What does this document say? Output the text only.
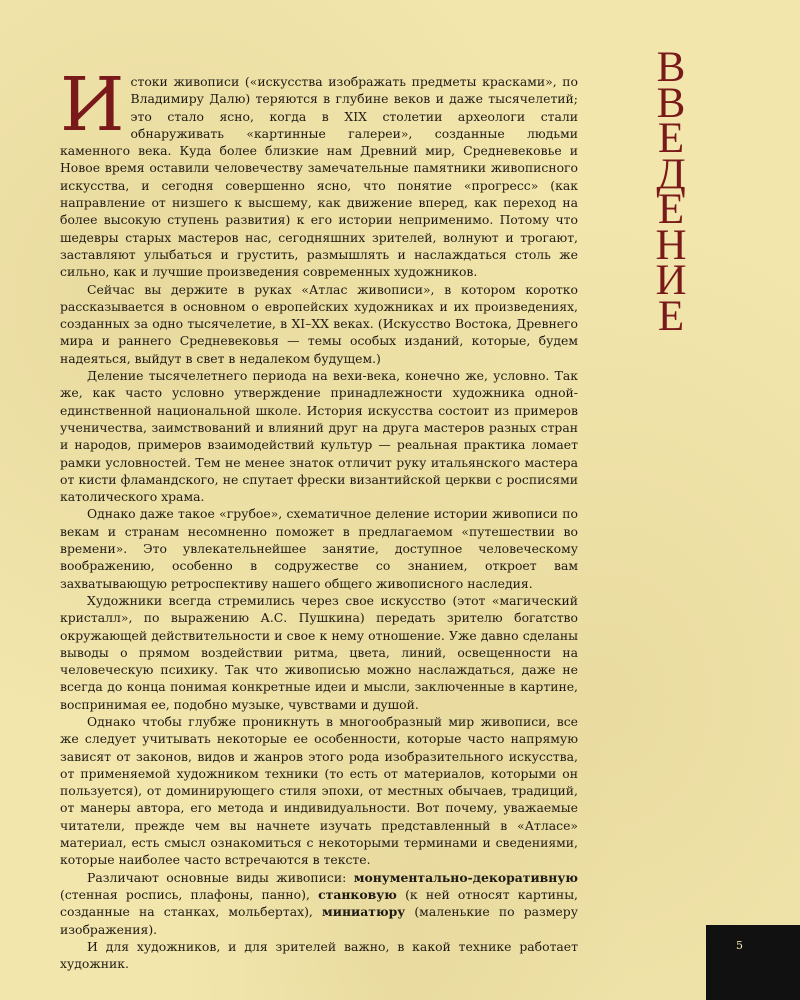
Истоки живописи («искусства изображать предметы красками», по Владимиру Далю) теряются в глубине веков и даже тысячелетий; это стало ясно, когда в XIX столетии археологи стали обнаруживать «картинные галереи», созданные людьми каменного века. Куда более близкие нам Древний мир, Средневековье и Новое время оставили человечеству замечательные памятники живописного искусства, и сегодня совершенно ясно, что понятие «прогресс» (как направление от низшего к высшему, как движение вперед, как переход на более высокую ступень развития) к его истории неприменимо. Потому что шедевры старых мастеров нас, сегодняшних зрителей, волнуют и трогают, заставляют улыбаться и грустить, размышлять и наслаждаться столь же сильно, как и лучшие произведения современных художников.

Сейчас вы держите в руках «Атлас живописи», в котором коротко рассказывается в основном о европейских художниках и их произведениях, созданных за одно тысячелетие, в XI–XX веках. (Искусство Востока, Древнего мира и раннего Средневековья — темы особых изданий, которые, будем надеяться, выйдут в свет в недалеком будущем.)

Деление тысячелетнего периода на вехи-века, конечно же, условно. Так же, как часто условно утверждение принадлежности художника одной-единственной национальной школе. История искусства состоит из примеров ученичества, заимствований и влияний друг на друга мастеров разных стран и народов, примеров взаимодействий культур — реальная практика ломает рамки условностей. Тем не менее знаток отличит руку итальянского мастера от кисти фламандского, не спутает фрески византийской церкви с росписями католического храма.

Однако даже такое «грубое», схематичное деление истории живописи по векам и странам несомненно поможет в предлагаемом «путешествии во времени». Это увлекательнейшее занятие, доступное человеческому воображению, особенно в содружестве со знанием, откроет вам захватывающую ретроспективу нашего общего живописного наследия.

Художники всегда стремились через свое искусство (этот «магический кристалл», по выражению А.С. Пушкина) передать зрителю богатство окружающей действительности и свое к нему отношение. Уже давно сделаны выводы о прямом воздействии ритма, цвета, линий, освещенности на человеческую психику. Так что живописью можно наслаждаться, даже не всегда до конца понимая конкретные идеи и мысли, заключенные в картине, воспринимая ее, подобно музыке, чувствами и душой.

Однако чтобы глубже проникнуть в многообразный мир живописи, все же следует учитывать некоторые ее особенности, которые часто напрямую зависят от законов, видов и жанров этого рода изобразительного искусства, от применяемой художником техники (то есть от материалов, которыми он пользуется), от доминирующего стиля эпохи, от местных обычаев, традиций, от манеры автора, его метода и индивидуальности. Вот почему, уважаемые читатели, прежде чем вы начнете изучать представленный в «Атласе» материал, есть смысл ознакомиться с некоторыми терминами и сведениями, которые наиболее часто встречаются в тексте.

Различают основные виды живописи: монументально-декоративную (стенная роспись, плафоны, панно), станковую (к ней относят картины, созданные на станках, мольбертах), миниатюру (маленькие по размеру изображения).

И для художников, и для зрителей важно, в какой технике работает художник.

В
В
Е
Д
Е
Н
И
Е
5
